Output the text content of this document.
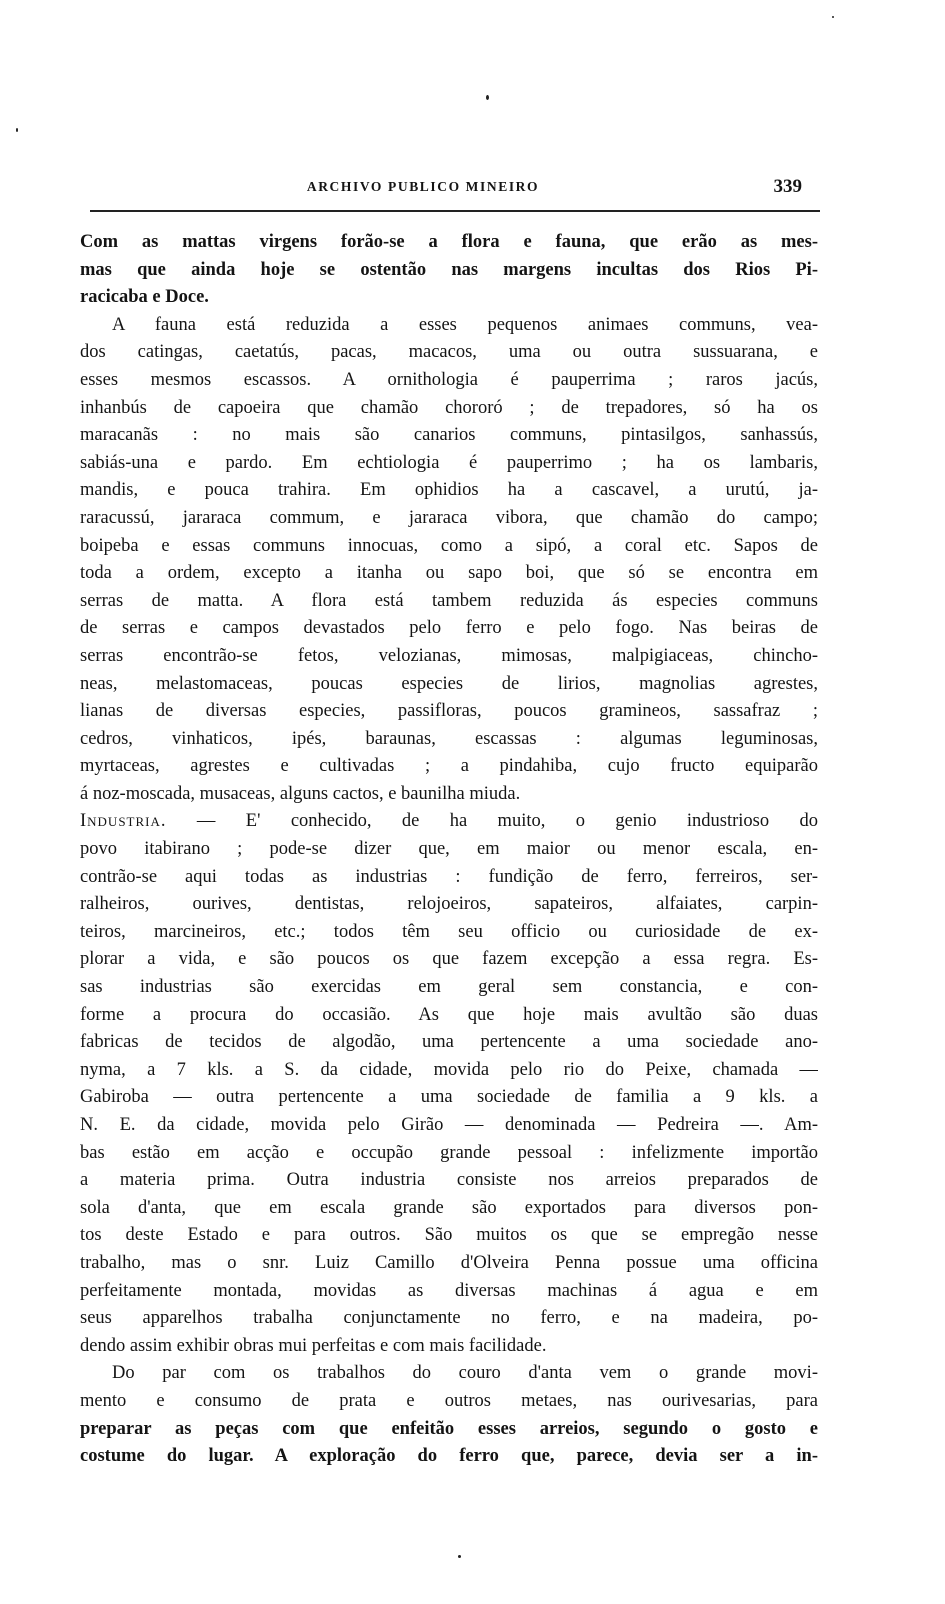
ARCHIVO PUBLICO MINEIRO	339
Com as mattas virgens forão-se a flora e fauna, que erão as mes-
mas que ainda hoje se ostentão nas margens incultas dos Rios Pi-
racicaba e Doce.
A fauna está reduzida a esses pequenos animaes communs, vea-
dos catingas, caetatús, pacas, macacos, uma ou outra sussuarana, e
esses mesmos escassos. A ornithologia é pauperrima ; raros jacús,
inhanbús de capoeira que chamão chororó ; de trepadores, só ha os
maracanãs : no mais são canarios communs, pintasilgos, sanhassús,
sabiás-una e pardo. Em echtiologia é pauperrimo ; ha os lambaris,
mandis, e pouca trahira. Em ophidios ha a cascavel, a urutú, ja-
raracussú, jararaca commum, e jararaca vibora, que chamão do campo;
boipeba e essas communs innocuas, como a sipó, a coral etc. Sapos de
toda a ordem, excepto a itanha ou sapo boi, que só se encontra em
serras de matta. A flora está tambem reduzida ás especies communs
de serras e campos devastados pelo ferro e pelo fogo. Nas beiras de
serras encontrão-se fetos, velozianas, mimosas, malpigiaceas, chincho-
neas, melastomaceas, poucas especies de lirios, magnolias agrestes,
lianas de diversas especies, passifloras, poucos gramineos, sassafraz ;
cedros, vinhaticos, ipés, baraunas, escassas : algumas leguminosas,
myrtaceas, agrestes e cultivadas ; a pindahiba, cujo fructo equiparão
á noz-moscada, musaceas, alguns cactos, e baunilha miuda.
Industria. — E' conhecido, de ha muito, o genio industrioso do
povo itabirano ; pode-se dizer que, em maior ou menor escala, en-
contrão-se aqui todas as industrias : fundição de ferro, ferreiros, ser-
ralheiros, ourives, dentistas, relojoeiros, sapateiros, alfaiates, carpin-
teiros, marcineiros, etc.; todos têm seu officio ou curiosidade de ex-
plorar a vida, e são poucos os que fazem excepção a essa regra. Es-
sas industrias são exercidas em geral sem constancia, e con-
forme a procura do occasião. As que hoje mais avultão são duas
fabricas de tecidos de algodão, uma pertencente a uma sociedade ano-
nyma, a 7 kls. a S. da cidade, movida pelo rio do Peixe, chamada —
Gabiroba — outra pertencente a uma sociedade de familia a 9 kls. a
N. E. da cidade, movida pelo Girão — denominada — Pedreira —. Am-
bas estão em acção e occupão grande pessoal : infelizmente importão
a materia prima. Outra industria consiste nos arreios preparados de
sola d'anta, que em escala grande são exportados para diversos pon-
tos deste Estado e para outros. São muitos os que se empregão nesse
trabalho, mas o snr. Luiz Camillo d'Olveira Penna possue uma officina
perfeitamente montada, movidas as diversas machinas á agua e em
seus apparelhos trabalha conjunctamente no ferro, e na madeira, po-
dendo assim exhibir obras mui perfeitas e com mais facilidade.
Do par com os trabalhos do couro d'anta vem o grande movi-
mento e consumo de prata e outros metaes, nas ourivesarias, para
preparar as peças com que enfeitão esses arreios, segundo o gosto e
costume do lugar. A exploração do ferro que, parece, devia ser a in-
